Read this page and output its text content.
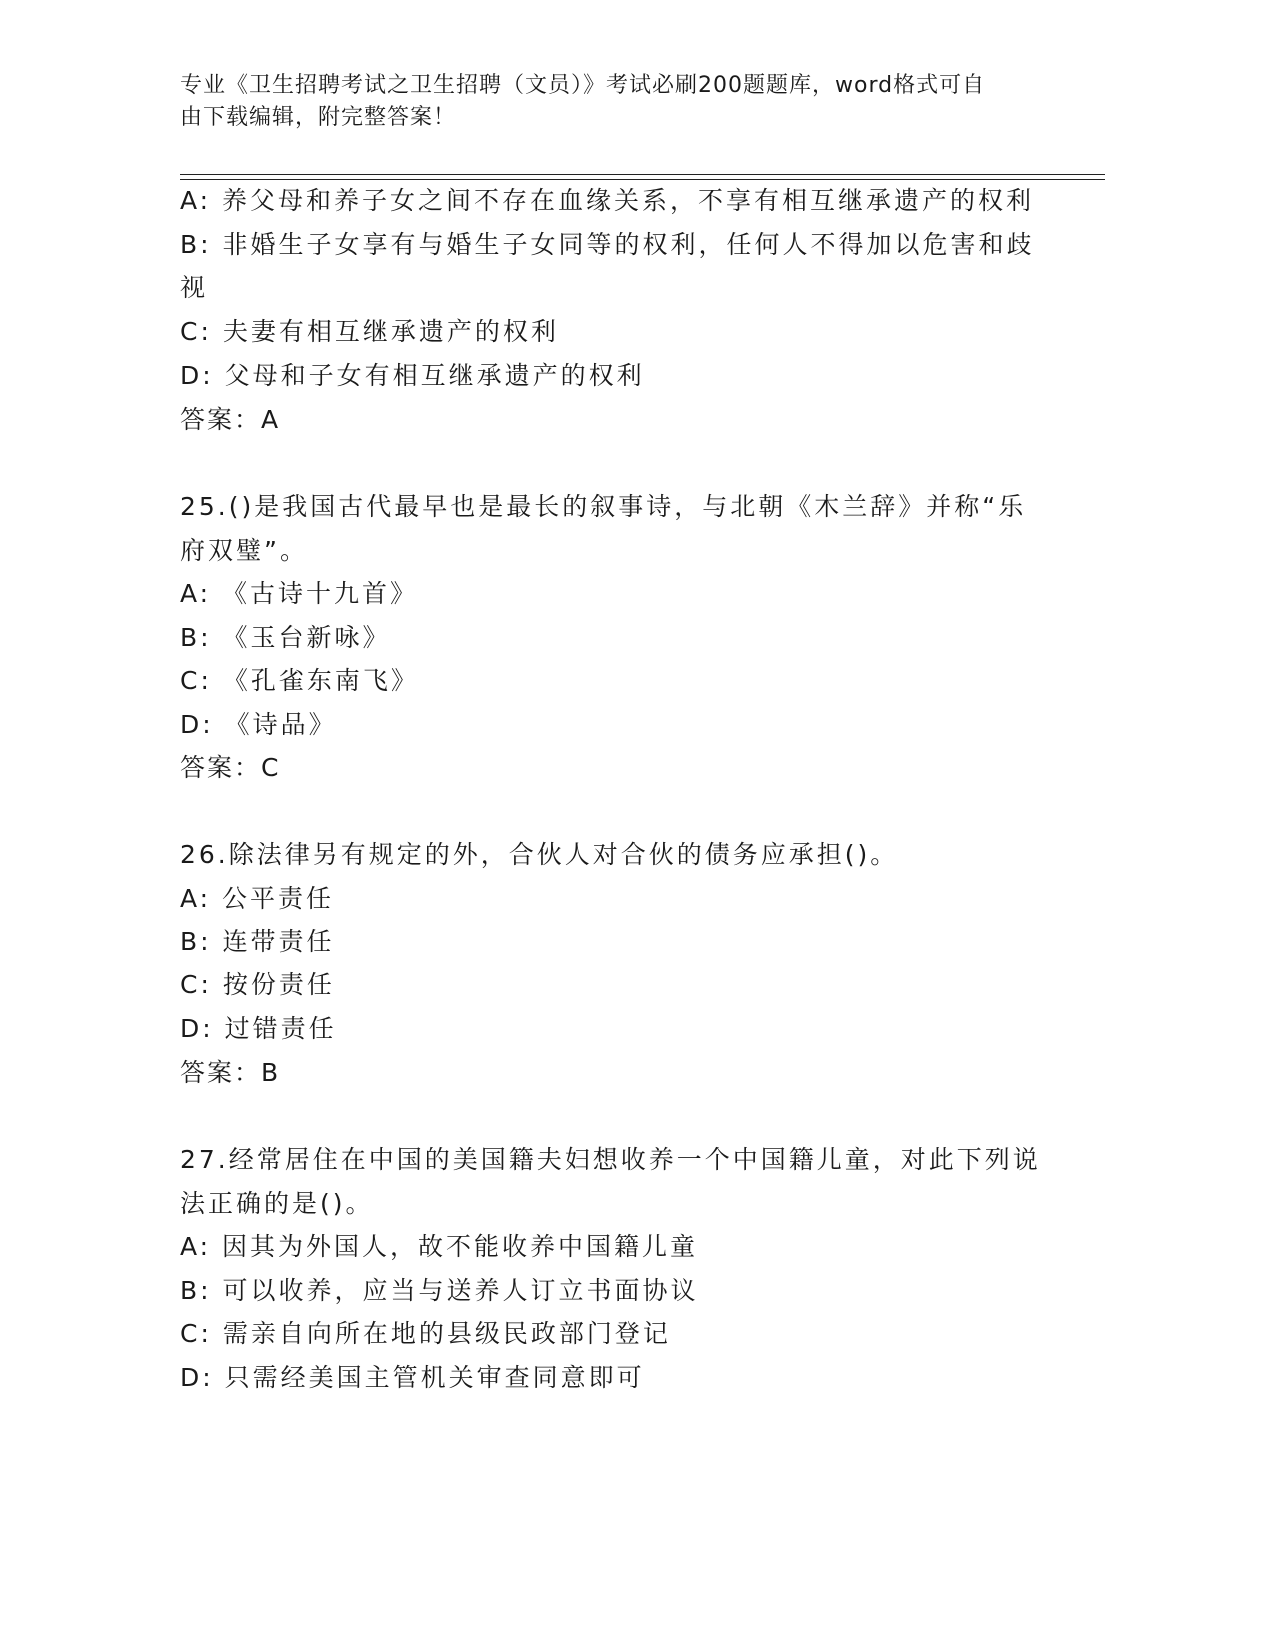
专业《卫生招聘考试之卫生招聘（文员）》考试必刷200题题库，word格式可自
由下载编辑，附完整答案！
A: 养父母和养子女之间不存在血缘关系，不享有相互继承遗产的权利
B: 非婚生子女享有与婚生子女同等的权利，任何人不得加以危害和歧
视
C: 夫妻有相互继承遗产的权利
D: 父母和子女有相互继承遗产的权利
答案：A
25.()是我国古代最早也是最长的叙事诗，与北朝《木兰辞》并称“乐
府双璧”。
A: 《古诗十九首》
B: 《玉台新咏》
C: 《孔雀东南飞》
D: 《诗品》
答案：C
26.除法律另有规定的外，合伙人对合伙的债务应承担()。
A: 公平责任
B: 连带责任
C: 按份责任
D: 过错责任
答案：B
27.经常居住在中国的美国籍夫妇想收养一个中国籍儿童，对此下列说
法正确的是()。
A: 因其为外国人，故不能收养中国籍儿童
B: 可以收养，应当与送养人订立书面协议
C: 需亲自向所在地的县级民政部门登记
D: 只需经美国主管机关审查同意即可
